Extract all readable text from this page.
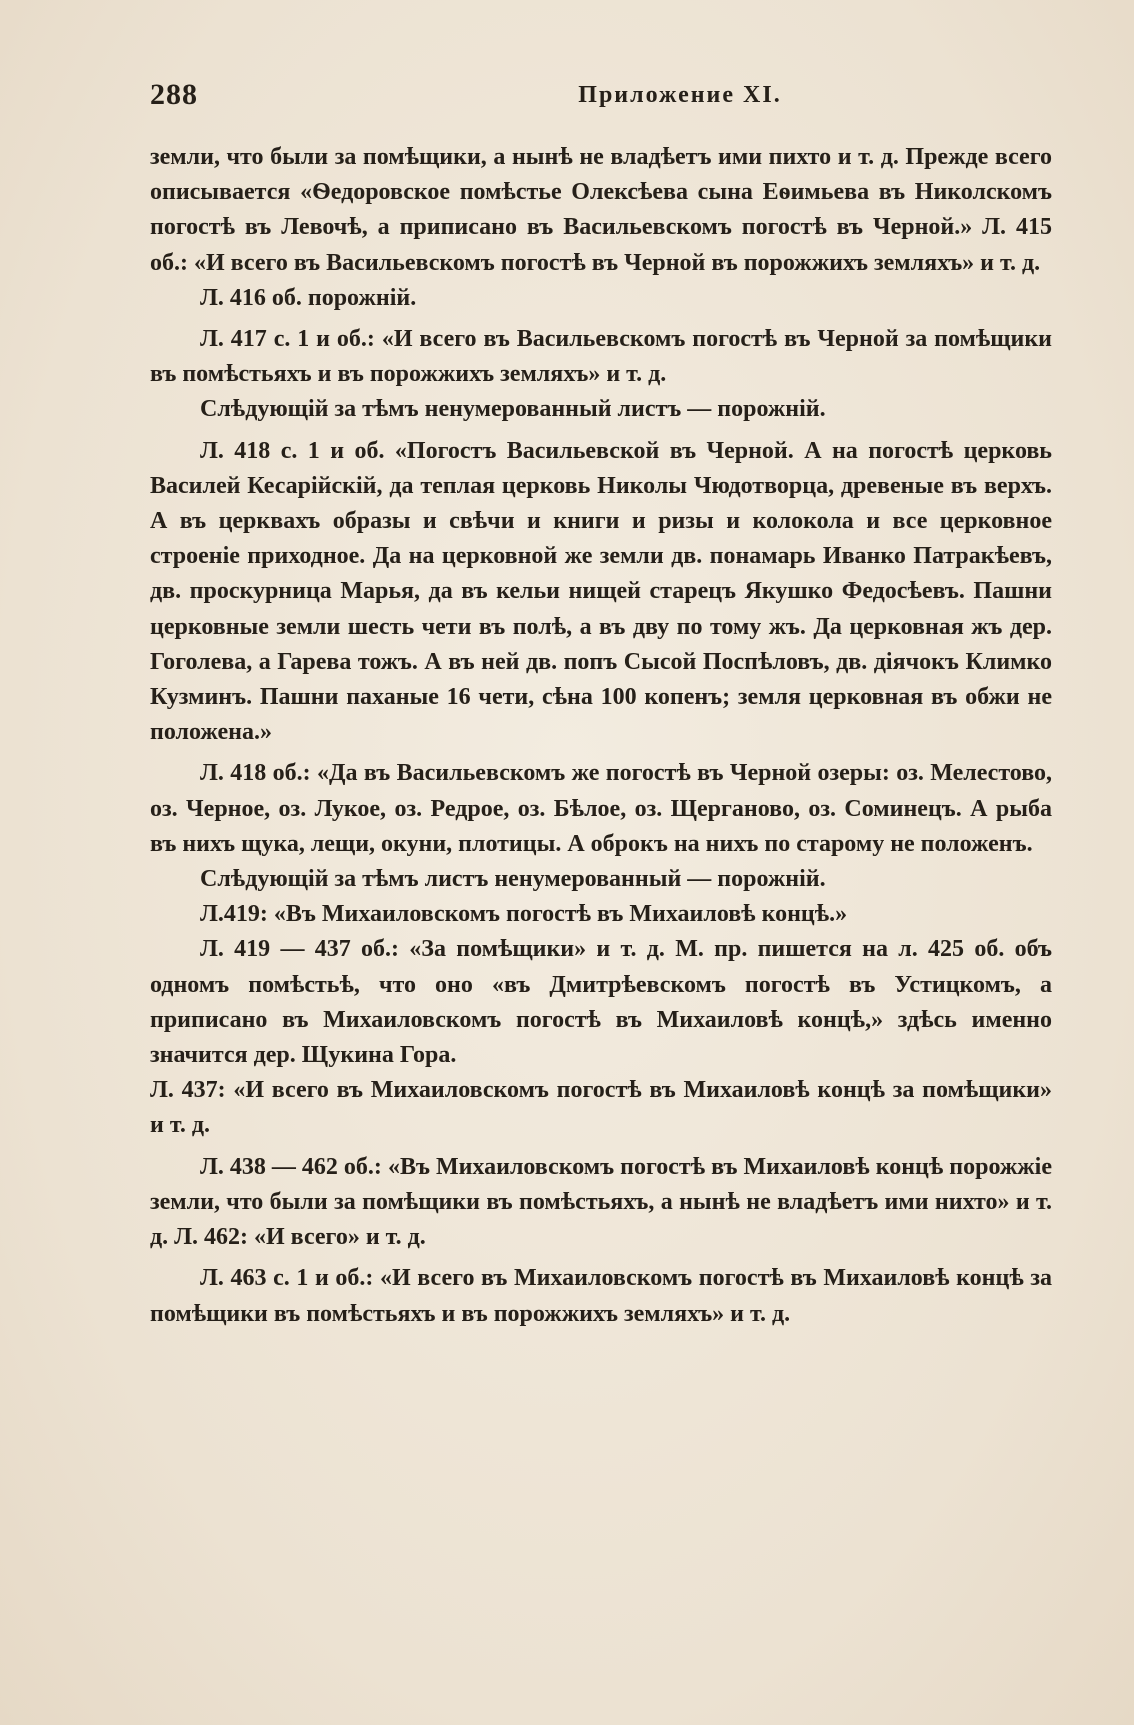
288	Приложение XI.

земли, что были за помѣщики, а нынѣ не владѣетъ ими пихто и т. д. Прежде всего описывается «Ѳедоровское помѣстье Олексѣева сына Еѳимьева въ Николскомъ погостѣ въ Левочѣ, а приписано въ Васильевскомъ погостѣ въ Черной.» Л. 415 об.: «И всего въ Васильевскомъ погостѣ въ Черной въ порожжихъ земляхъ» и т. д.

Л. 416 об. порожній.

Л. 417 с. 1 и об.: «И всего въ Васильевскомъ погостѣ въ Черной за помѣщики въ помѣстьяхъ и въ порожжихъ земляхъ» и т. д.

Слѣдующій за тѣмъ ненумерованный листъ — порожній.

Л. 418 с. 1 и об. «Погостъ Васильевской въ Черной. А на погостѣ церковь Василей Кесарійскій, да теплая церковь Николы Чюдотворца, древеные въ верхъ. А въ церквахъ образы и свѣчи и книги и ризы и колокола и все церковное строеніе приходное. Да на церковной же земли дв. понамарь Иванко Патракѣевъ, дв. проскурница Марья, да въ кельи нищей старецъ Якушко Федосѣевъ. Пашни церковные земли шесть чети въ полѣ, а въ дву по тому жъ. Да церковная жъ дер. Гоголева, а Гарева тожъ. А въ ней дв. попъ Сысой Поспѣловъ, дв. діячокъ Климко Кузминъ. Пашни паханые 16 чети, сѣна 100 копенъ; земля церковная въ обжи не положена.»

Л. 418 об.: «Да въ Васильевскомъ же погостѣ въ Черной озеры: оз. Мелестово, оз. Черное, оз. Лукое, оз. Редрое, оз. Бѣлое, оз. Щерганово, оз. Соминецъ. А рыба въ нихъ щука, лещи, окуни, плотицы. А оброкъ на нихъ по старому не положенъ.

Слѣдующій за тѣмъ листъ ненумерованный — порожній.

Л.419: «Въ Михаиловскомъ погостѣ въ Михаиловѣ концѣ.»

Л. 419 — 437 об.: «За помѣщики» и т. д. М. пр. пишется на л. 425 об. объ одномъ помѣстьѣ, что оно «въ Дмитрѣевскомъ погостѣ въ Устицкомъ, а приписано въ Михаиловскомъ погостѣ въ Михаиловѣ концѣ,» здѣсь именно значится дер. Щукина Гора.

Л. 437: «И всего въ Михаиловскомъ погостѣ въ Михаиловѣ концѣ за помѣщики» и т. д.

Л. 438 — 462 об.: «Въ Михаиловскомъ погостѣ въ Михаиловѣ концѣ порожжіе земли, что были за помѣщики въ помѣстьяхъ, а нынѣ не владѣетъ ими нихто» и т. д. Л. 462: «И всего» и т. д.

Л. 463 с. 1 и об.: «И всего въ Михаиловскомъ погостѣ въ Михаиловѣ концѣ за помѣщики въ помѣстьяхъ и въ порожжихъ земляхъ» и т. д.
